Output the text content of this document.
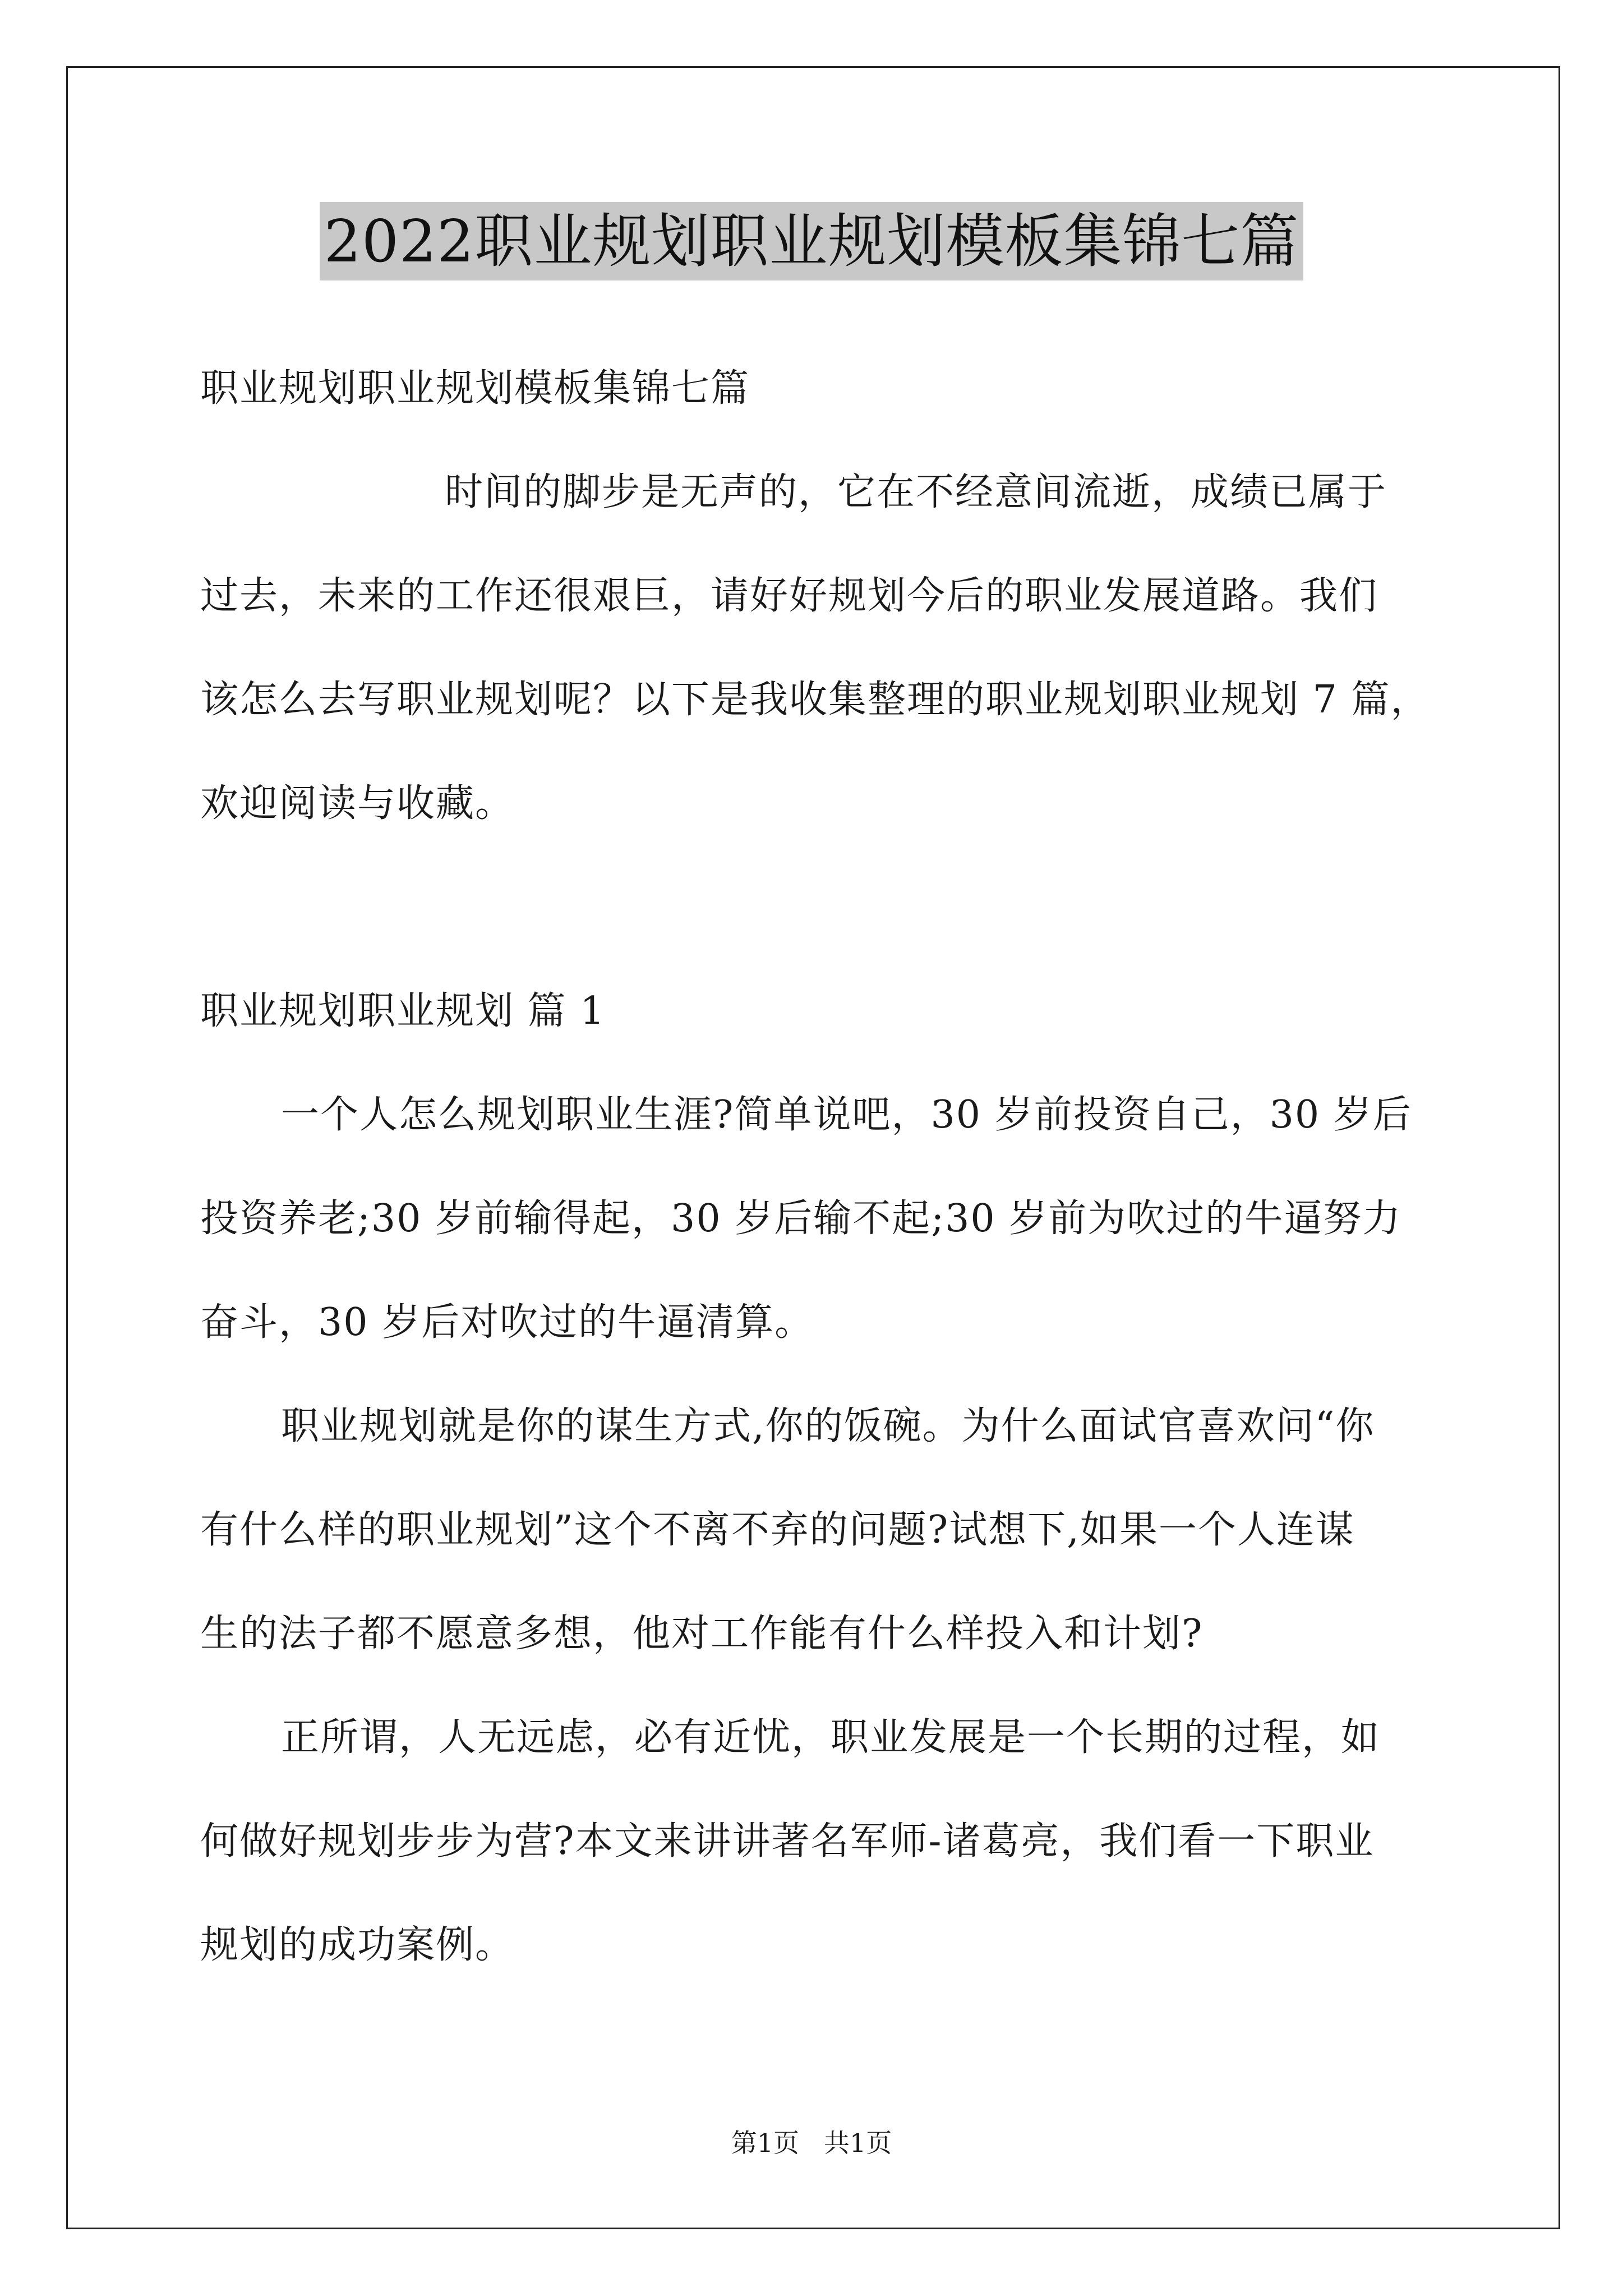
2022职业规划职业规划模板集锦七篇
职业规划职业规划模板集锦七篇
时间的脚步是无声的，它在不经意间流逝，成绩已属于
过去，未来的工作还很艰巨，请好好规划今后的职业发展道路。我们
该怎么去写职业规划呢？以下是我收集整理的职业规划职业规划 7 篇，
欢迎阅读与收藏。
职业规划职业规划 篇 1
一个人怎么规划职业生涯?简单说吧，30 岁前投资自己，30 岁后
投资养老;30 岁前输得起，30 岁后输不起;30 岁前为吹过的牛逼努力
奋斗，30 岁后对吹过的牛逼清算。
职业规划就是你的谋生方式,你的饭碗。为什么面试官喜欢问“你
有什么样的职业规划”这个不离不弃的问题?试想下,如果一个人连谋
生的法子都不愿意多想，他对工作能有什么样投入和计划?
正所谓，人无远虑，必有近忧，职业发展是一个长期的过程，如
何做好规划步步为营?本文来讲讲著名军师-诸葛亮，我们看一下职业
规划的成功案例。
第1页 共1页
